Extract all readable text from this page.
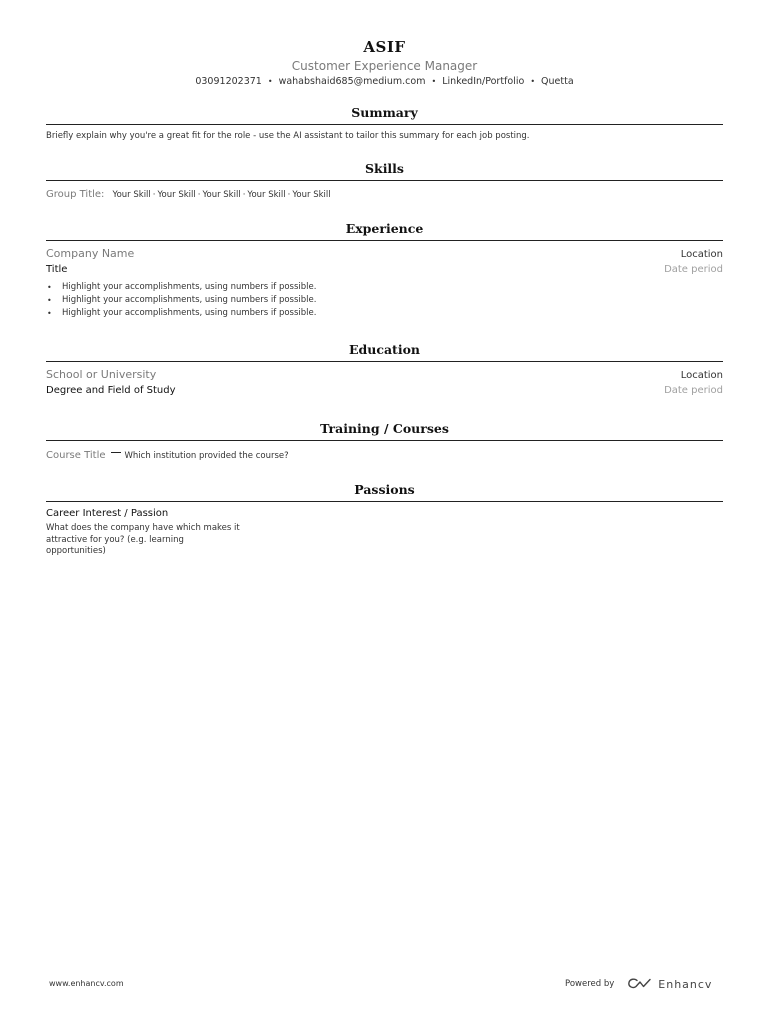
ASIF
Customer Experience Manager
03091202371 • wahabshaid685@medium.com • LinkedIn/Portfolio • Quetta
Summary
Briefly explain why you're a great fit for the role - use the AI assistant to tailor this summary for each job posting.
Skills
Group Title: Your Skill · Your Skill · Your Skill · Your Skill · Your Skill
Experience
Company Name	Location
Title	Date period
• Highlight your accomplishments, using numbers if possible.
• Highlight your accomplishments, using numbers if possible.
• Highlight your accomplishments, using numbers if possible.
Education
School or University	Location
Degree and Field of Study	Date period
Training / Courses
Course Title Which institution provided the course?
Passions
Career Interest / Passion
What does the company have which makes it attractive for you? (e.g. learning opportunities)
www.enhancv.com	Powered by	Enhancv
